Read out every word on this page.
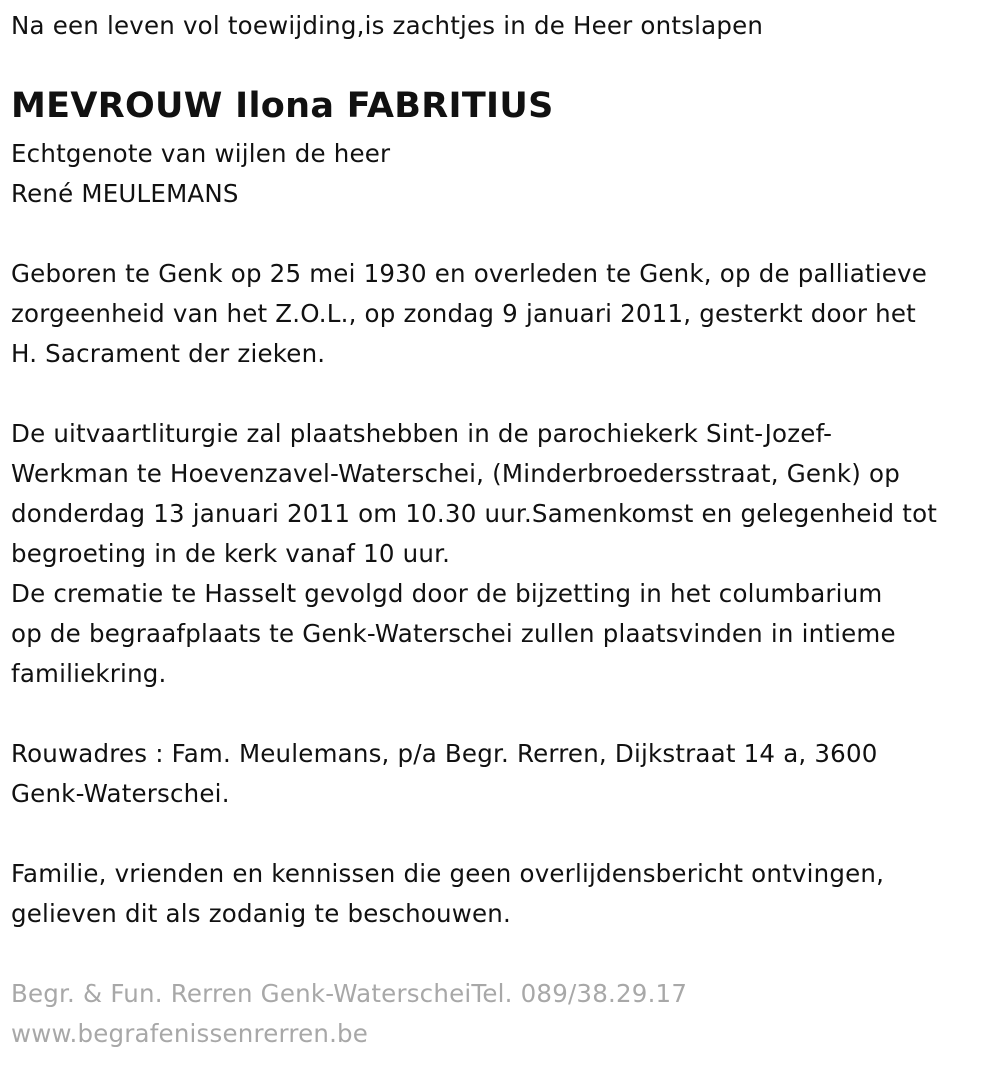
Na een leven vol toewijding,is zachtjes in de Heer ontslapen
MEVROUW Ilona FABRITIUS
Echtgenote van wijlen de heer
René MEULEMANS
Geboren te Genk op 25 mei 1930 en overleden te Genk, op de palliatieve
zorgeenheid van het Z.O.L., op zondag 9 januari 2011, gesterkt door het
H. Sacrament der zieken.
De uitvaartliturgie zal plaatshebben in de parochiekerk Sint-Jozef-
Werkman te Hoevenzavel-Waterschei, (Minderbroedersstraat, Genk) op
donderdag 13 januari 2011 om 10.30 uur.Samenkomst en gelegenheid tot
begroeting in de kerk vanaf 10 uur.
De crematie te Hasselt gevolgd door de bijzetting in het columbarium
op de begraafplaats te Genk-Waterschei zullen plaatsvinden in intieme
familiekring.
Rouwadres : Fam. Meulemans, p/a Begr. Rerren, Dijkstraat 14 a, 3600
Genk-Waterschei.
Familie, vrienden en kennissen die geen overlijdensbericht ontvingen,
gelieven dit als zodanig te beschouwen.
Begr. & Fun. Rerren Genk-WaterscheiTel. 089/38.29.17
www.begrafenissenrerren.be
